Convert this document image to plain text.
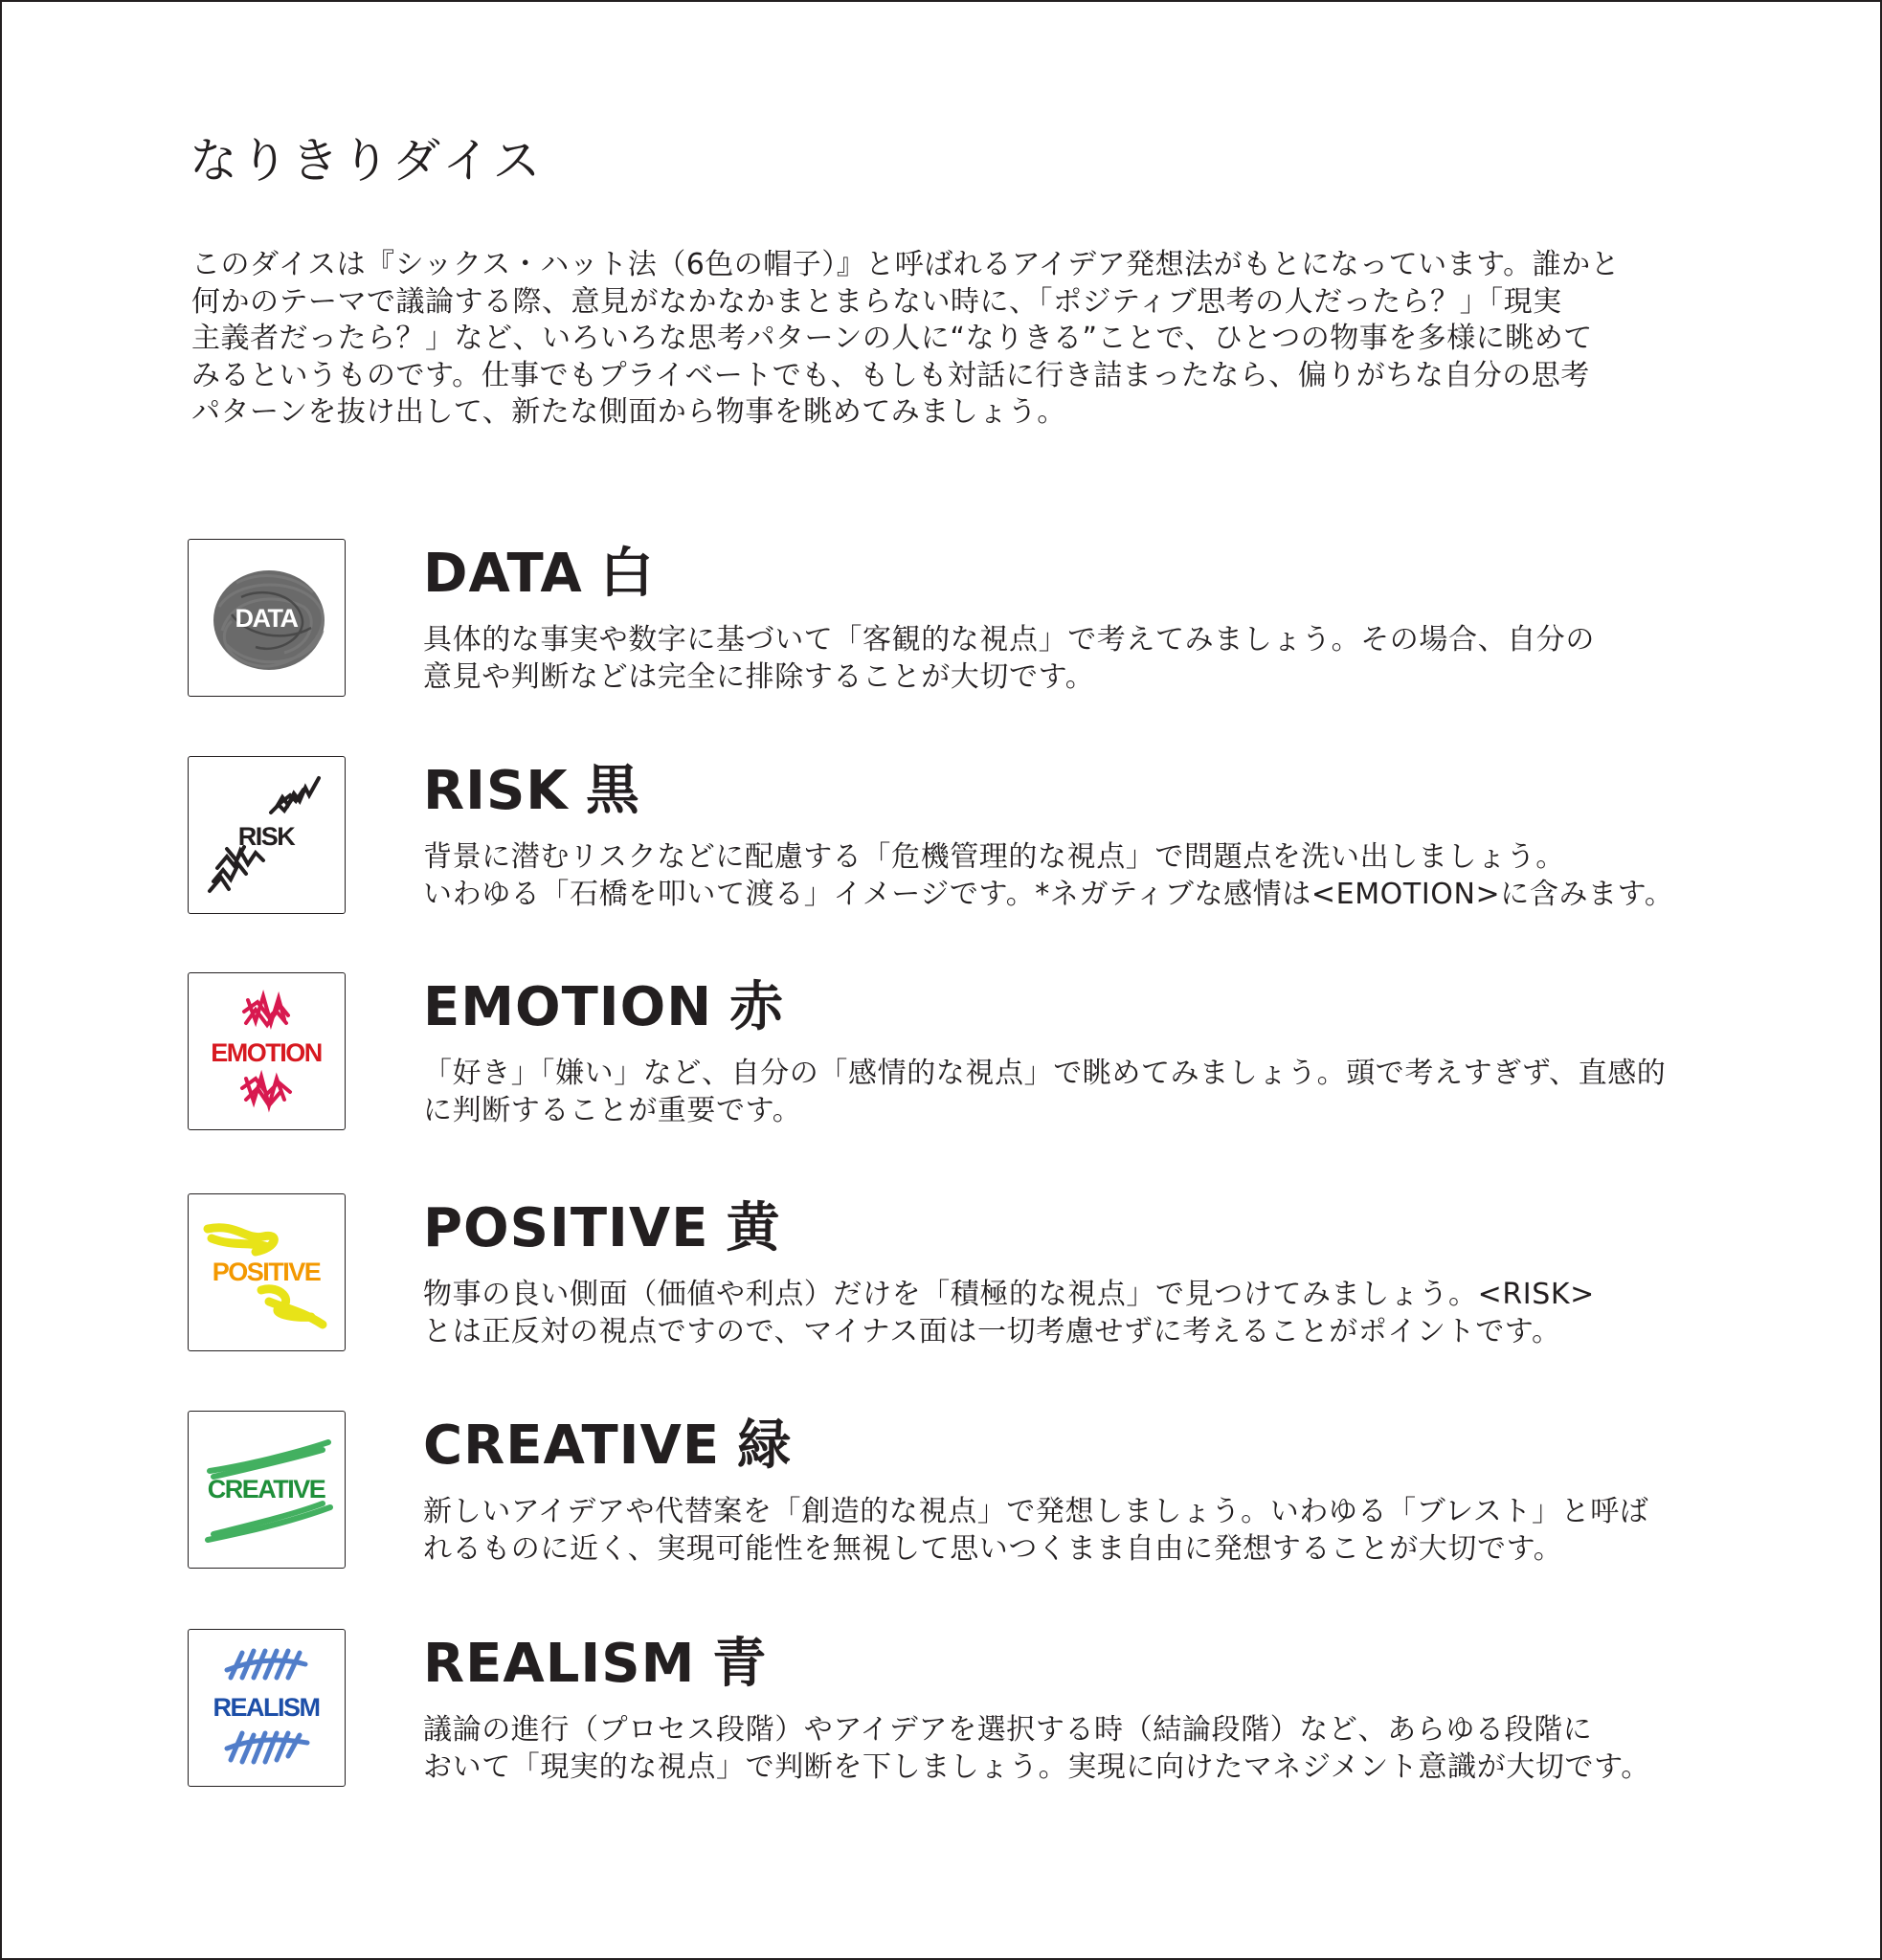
なりきりダイス
このダイスは『シックス・ハット法（6色の帽子）』と呼ばれるアイデア発想法がもとになっています。誰かと
何かのテーマで議論する際、意見がなかなかまとまらない時に、「ポジティブ思考の人だったら？」「現実
主義者だったら？」など、いろいろな思考パターンの人に“なりきる”ことで、ひとつの物事を多様に眺めて
みるというものです。仕事でもプライベートでも、もしも対話に行き詰まったなら、偏りがちな自分の思考
パターンを抜け出して、新たな側面から物事を眺めてみましょう。
DATA
DATA 白
具体的な事実や数字に基づいて「客観的な視点」で考えてみましょう。その場合、自分の
意見や判断などは完全に排除することが大切です。
RISK
RISK 黒
背景に潜むリスクなどに配慮する「危機管理的な視点」で問題点を洗い出しましょう。
いわゆる「石橋を叩いて渡る」イメージです。*ネガティブな感情は<EMOTION>に含みます。
EMOTION
EMOTION 赤
「好き」「嫌い」など、自分の「感情的な視点」で眺めてみましょう。頭で考えすぎず、直感的
に判断することが重要です。
POSITIVE
POSITIVE 黄
物事の良い側面（価値や利点）だけを「積極的な視点」で見つけてみましょう。<RISK>
とは正反対の視点ですので、マイナス面は一切考慮せずに考えることがポイントです。
CREATIVE
CREATIVE 緑
新しいアイデアや代替案を「創造的な視点」で発想しましょう。いわゆる「ブレスト」と呼ば
れるものに近く、実現可能性を無視して思いつくまま自由に発想することが大切です。
REALISM
REALISM 青
議論の進行（プロセス段階）やアイデアを選択する時（結論段階）など、あらゆる段階に
おいて「現実的な視点」で判断を下しましょう。実現に向けたマネジメント意識が大切です。
